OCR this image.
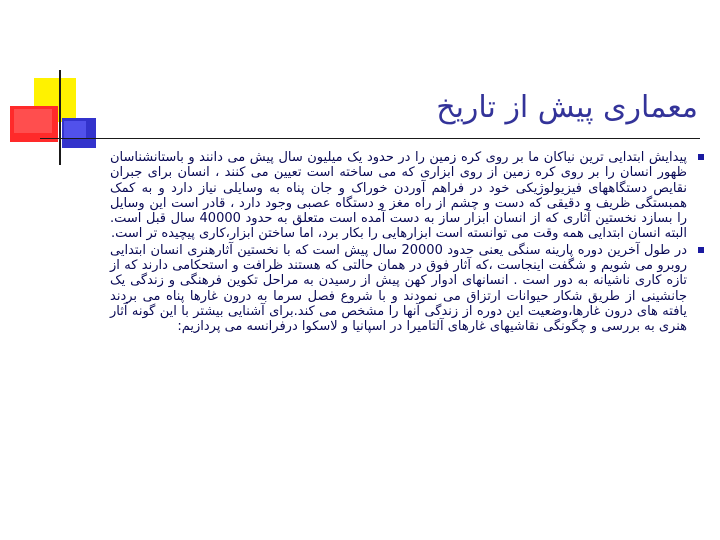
معماری پیش از تاریخ
پیدایش ابتدایی ترین نیاکان ما بر روی کره زمین را در حدود یک میلیون سال پیش می دانند و باستانشناسان ظهور انسان را بر روی کره زمین از روی ابزاری که می ساخته است تعیین می کنند ، انسان برای جبران نقایص دستگاههای فیزیولوژیکی خود در فراهم آوردن خوراک و جان پناه به وسایلی نیاز دارد و به کمک همبستگی ظریف و دقیقی که دست و چشم از راه مغز و دستگاه عصبی وجود دارد ، قادر است این وسایل را بسازد نخستین آثاری که از انسان ابزار ساز به دست آمده است متعلق به حدود 40000 سال قبل است. البته انسان ابتدایی همه وقت می توانسته است ابزارهایی را بکار برد، اما ساختن ابزار،کاری پیچیده تر است.
در طول آخرین دوره پارینه سنگی یعنی حدود 20000 سال پیش است که با نخستین آثارهنری انسان ابتدایی روبرو می شویم و شگفت اینجاست ،که آثار فوق در همان حالتی که هستند ظرافت و استحکامی دارند که از تازه کاری ناشیانه به دور است . انسانهای ادوار کهن پیش از رسیدن به مراحل تکوین فرهنگی و زندگی یک جانشینی از طریق شکار حیوانات ارتزاق می نمودند و با شروع فصل سرما به درون غارها پناه می بردند یافته های درون غارها،وضعیت این دوره از زندگی آنها را مشخص می کند.برای آشنایی بیشتر با این گونه آثار هنری به بررسی و چگونگی نقاشیهای غارهای آلتامیرا در اسپانیا و لاسکوا درفرانسه می پردازیم:
